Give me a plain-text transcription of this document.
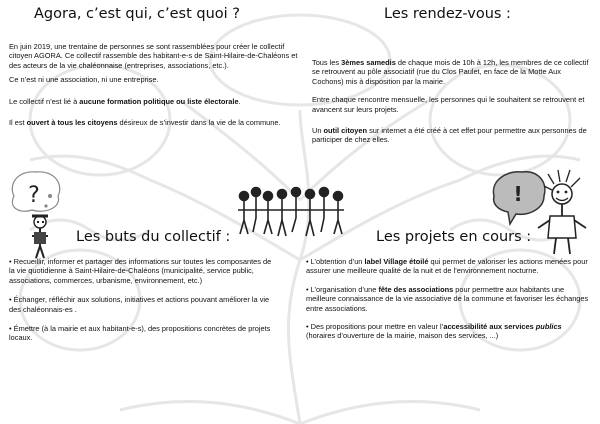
Agora, c’est qui, c’est quoi ?

En juin 2019, une trentaine de personnes se sont rassemblées pour créer le collectif citoyen AGORA. Ce collectif rassemble des habitant-e-s de Saint-Hilaire-de-Chaléons et des acteurs de la vie chaléonnaise (entreprises, associations, etc.).

Ce n’est ni une association, ni une entreprise.

Le collectif n’est lié à aucune formation politique ou liste électorale.

Il est ouvert à tous les citoyens désireux de s’investir dans la vie de la commune.

Les buts du collectif :

• Recueillir, informer et partager des informations sur toutes les composantes de la vie quotidienne à Saint-Hilaire-de-Chaléons (municipalité, service public, associations, commerces, urbanisme, environnement, etc.)

• Échanger, réfléchir aux solutions, initiatives et actions pouvant améliorer la vie des chaléonnais-es .

• Émettre (à la mairie et aux habitant-e-s), des propositions concrètes de projets locaux.

Les rendez-vous :

Tous les 3èmes samedis de chaque mois de 10h à 12h, les membres de ce collectif se retrouvent au pôle associatif (rue du Clos Paulet, en face de la Motte Aux Cochons) mis à disposition par la mairie.

Entre chaque rencontre mensuelle, les personnes qui le souhaitent se retrouvent et avancent sur leurs projets.

Un outil citoyen sur internet a été créé à cet effet pour permettre aux personnes de participer de chez elles.

Les projets en cours :

• L’obtention d’un label Village étoilé qui permet de valoriser les actions menées pour assurer une meilleure qualité de la nuit et de l’environnement nocturne.

• L’organisation d’une fête des associations pour permettre aux habitants une meilleure connaissance de la vie associative de la commune et favoriser les échanges entre associations.

• Des propositions pour mettre en valeur l’accessibilité aux services publics (horaires d’ouverture de la mairie, maison des services, ...)

?	!
